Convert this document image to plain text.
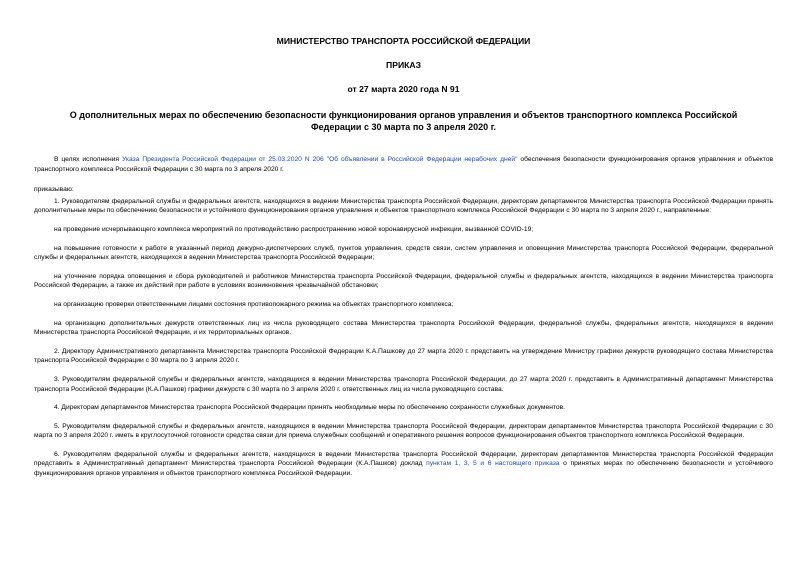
МИНИСТЕРСТВО ТРАНСПОРТА РОССИЙСКОЙ ФЕДЕРАЦИИ
ПРИКАЗ
от 27 марта 2020 года N 91
О дополнительных мерах по обеспечению безопасности функционирования органов управления и объектов транспортного комплекса Российской Федерации с 30 марта по 3 апреля 2020 г.

В целях исполнения Указа Президента Российской Федерации от 25.03.2020 N 206 "Об объявлении в Российской Федерации нерабочих дней" обеспечения безопасности функционирования органов управления и объектов транспортного комплекса Российской Федерации с 30 марта по 3 апреля 2020 г.

приказываю:

1. Руководителям федеральной службы и федеральных агентств, находящихся в ведении Министерства транспорта Российской Федерации, директорам департаментов Министерства транспорта Российской Федерации принять дополнительные меры по обеспечению безопасности и устойчивого функционирования органов управления и объектов транспортного комплекса Российской Федерации с 30 марта по 3 апреля 2020 г., направленные:

на проведение исчерпывающего комплекса мероприятий по противодействию распространению новой коронавирусной инфекции, вызванной COVID-19;

на повышение готовности к работе в указанный период дежурно-диспетчерских служб, пунктов управления, средств связи, систем управления и оповещения Министерства транспорта Российской Федерации, федеральной службы и федеральных агентств, находящихся в ведении Министерства транспорта Российской Федерации;

на уточнение порядка оповещения и сбора руководителей и работников Министерства транспорта Российской Федерации, федеральной службы и федеральных агентств, находящихся в ведении Министерства транспорта Российской Федерации, а также их действий при работе в условиях возникновения чрезвычайной обстановки;

на организацию проверки ответственными лицами состояния противопожарного режима на объектах транспортного комплекса;

на организацию дополнительных дежурств ответственных лиц из числа руководящего состава Министерства транспорта Российской Федерации, федеральной службы, федеральных агентств, находящихся в ведении Министерства транспорта Российской Федерации, и их территориальных органов.

2. Директору Административного департамента Министерства транспорта Российской Федерации К.А.Пашкову до 27 марта 2020 г. представить на утверждение Министру графики дежурств руководящего состава Министерства транспорта Российской Федерации с 30 марта по 3 апреля 2020 г.

3. Руководителям федеральной службы и федеральных агентств, находящихся в ведении Министерства транспорта Российской Федерации, до 27 марта 2020 г. представить в Административный департамент Министерства транспорта Российской Федерации (К.А.Пашков) графики дежурств с 30 марта по 3 апреля 2020 г. ответственных лиц из числа руководящего состава.

4. Директорам департаментов Министерства транспорта Российской Федерации принять необходимые меры по обеспечению сохранности служебных документов.

5. Руководителям федеральной службы и федеральных агентств, находящихся в ведении Министерства транспорта Российской Федерации, директорам департаментов Министерства транспорта Российской Федерации с 30 марта по 3 апреля 2020 г. иметь в круглосуточной готовности средства связи для приема служебных сообщений и оперативного решения вопросов функционирования объектов транспортного комплекса Российской Федерации.

6. Руководителям федеральной службы и федеральных агентств, находящихся в ведении Министерства транспорта Российской Федерации, директорам департаментов Министерства транспорта Российской Федерации представить в Административный департамент Министерства транспорта Российской Федерации (К.А.Пашков) доклад пунктам 1, 3, 5 и 6 настоящего приказа о принятых мерах по обеспечению безопасности и устойчивого функционирования органов управления и объектов транспортного комплекса Российской Федерации.
